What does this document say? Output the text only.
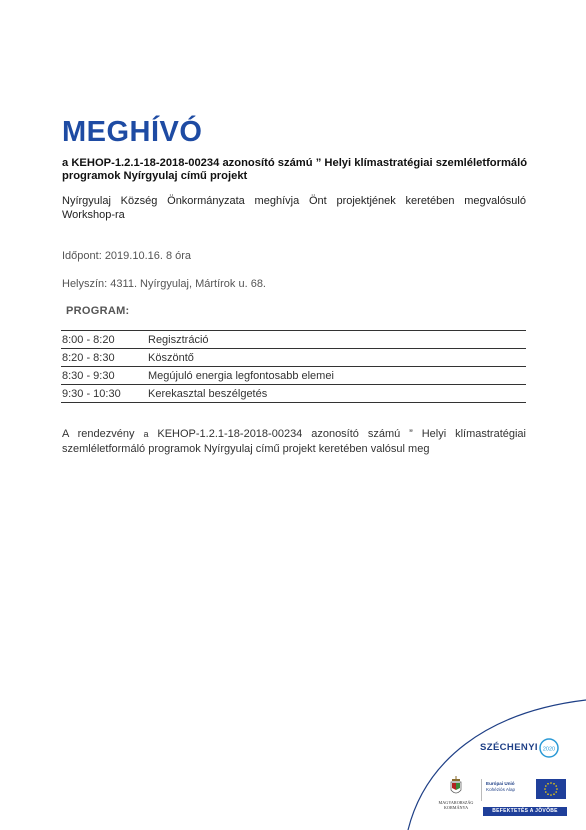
MEGHÍVÓ

a KEHOP-1.2.1-18-2018-00234 azonosító számú ” Helyi klímastratégiai szemléletformáló programok Nyírgyulaj című projekt

Nyírgyulaj Község Önkormányzata meghívja Önt projektjének keretében megvalósuló Workshop-ra

Időpont: 2019.10.16. 8 óra

Helyszín: 4311. Nyírgyulaj, Mártírok u. 68.

PROGRAM:

8:00 - 8:20	Regisztráció
8:20 - 8:30	Köszöntő
8:30 - 9:30	Megújuló energia legfontosabb elemei
9:30 - 10:30	Kerekasztal beszélgetés

A rendezvény a KEHOP-1.2.1-18-2018-00234 azonosító számú ” Helyi klímastratégiai szemléletformáló programok Nyírgyulaj című projekt keretében valósul meg

SZÉCHENYI 2020
MAGYARORSZÁG
KORMÁNYA
Európai Unió
Kohéziós Alap
BEFEKTETÉS A JÖVŐBE
